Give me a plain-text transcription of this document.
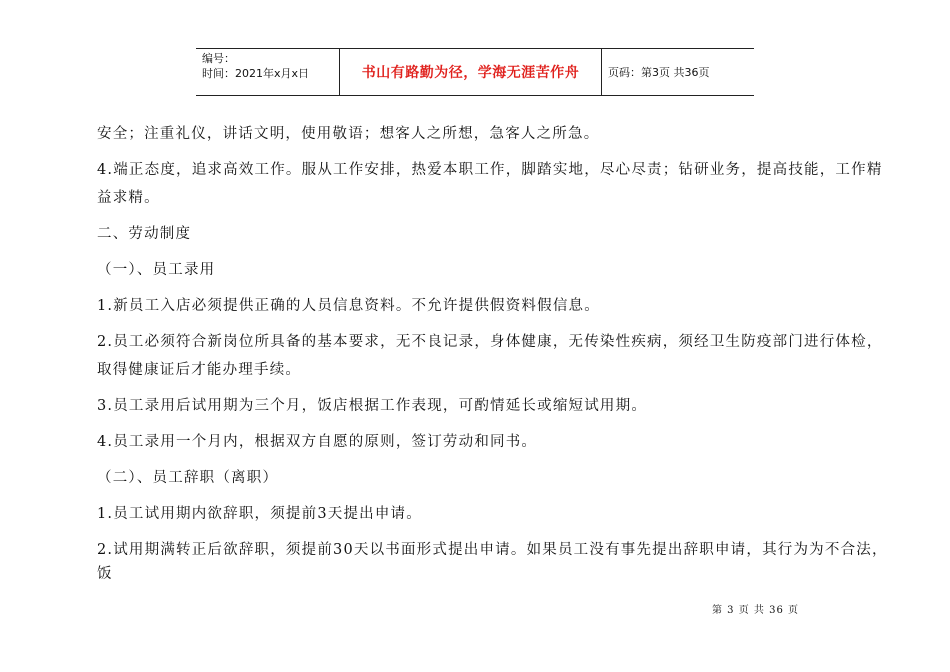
编号：
时间：2021年x月x日	书山有路勤为径，学海无涯苦作舟	页码：第3页 共36页

安全；注重礼仪，讲话文明，使用敬语；想客人之所想，急客人之所急。

4.端正态度，追求高效工作。服从工作安排，热爱本职工作，脚踏实地，尽心尽责；钻研业务，提高技能，工作精

益求精。

二、劳动制度

（一）、员工录用

1.新员工入店必须提供正确的人员信息资料。不允许提供假资料假信息。

2.员工必须符合新岗位所具备的基本要求，无不良记录，身体健康，无传染性疾病，须经卫生防疫部门进行体检，

取得健康证后才能办理手续。

3.员工录用后试用期为三个月，饭店根据工作表现，可酌情延长或缩短试用期。

4.员工录用一个月内，根据双方自愿的原则，签订劳动和同书。

（二）、员工辞职（离职）

1.员工试用期内欲辞职，须提前3天提出申请。

2.试用期满转正后欲辞职，须提前30天以书面形式提出申请。如果员工没有事先提出辞职申请，其行为为不合法，饭

第 3 页 共 36 页
